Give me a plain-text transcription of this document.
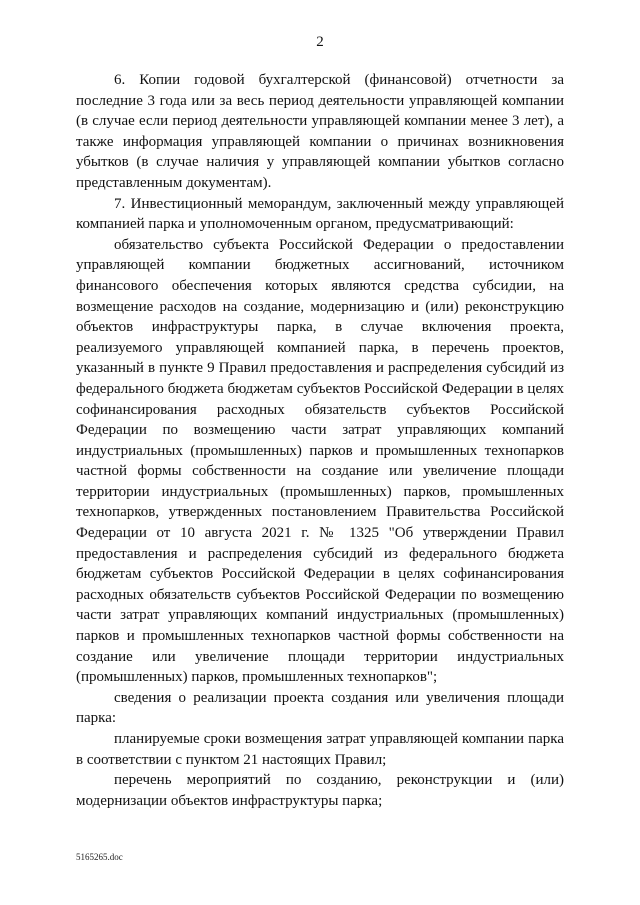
2

6. Копии годовой бухгалтерской (финансовой) отчетности за последние 3 года или за весь период деятельности управляющей компании (в случае если период деятельности управляющей компании менее 3 лет), а также информация управляющей компании о причинах возникновения убытков (в случае наличия у управляющей компании убытков согласно представленным документам).

7. Инвестиционный меморандум, заключенный между управляющей компанией парка и уполномоченным органом, предусматривающий:

обязательство субъекта Российской Федерации о предоставлении управляющей компании бюджетных ассигнований, источником финансового обеспечения которых являются средства субсидии, на возмещение расходов на создание, модернизацию и (или) реконструкцию объектов инфраструктуры парка, в случае включения проекта, реализуемого управляющей компанией парка, в перечень проектов, указанный в пункте 9 Правил предоставления и распределения субсидий из федерального бюджета бюджетам субъектов Российской Федерации в целях софинансирования расходных обязательств субъектов Российской Федерации по возмещению части затрат управляющих компаний индустриальных (промышленных) парков и промышленных технопарков частной формы собственности на создание или увеличение площади территории индустриальных (промышленных) парков, промышленных технопарков, утвержденных постановлением Правительства Российской Федерации от 10 августа 2021 г. № 1325 "Об утверждении Правил предоставления и распределения субсидий из федерального бюджета бюджетам субъектов Российской Федерации в целях софинансирования расходных обязательств субъектов Российской Федерации по возмещению части затрат управляющих компаний индустриальных (промышленных) парков и промышленных технопарков частной формы собственности на создание или увеличение площади территории индустриальных (промышленных) парков, промышленных технопарков";

сведения о реализации проекта создания или увеличения площади парка:

планируемые сроки возмещения затрат управляющей компании парка в соответствии с пунктом 21 настоящих Правил;

перечень мероприятий по созданию, реконструкции и (или) модернизации объектов инфраструктуры парка;

5165265.doc
